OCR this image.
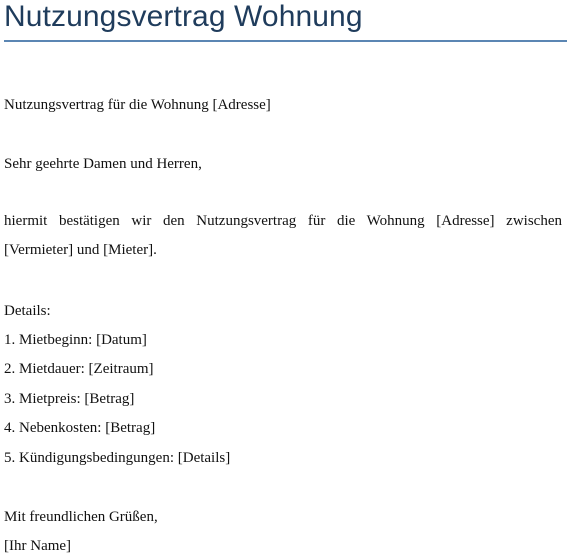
Nutzungsvertrag Wohnung

Nutzungsvertrag für die Wohnung [Adresse]

Sehr geehrte Damen und Herren,

hiermit bestätigen wir den Nutzungsvertrag für die Wohnung [Adresse] zwischen [Vermieter] und [Mieter].

Details:

1. Mietbeginn: [Datum]

2. Mietdauer: [Zeitraum]

3. Mietpreis: [Betrag]

4. Nebenkosten: [Betrag]

5. Kündigungsbedingungen: [Details]

Mit freundlichen Grüßen,

[Ihr Name]
